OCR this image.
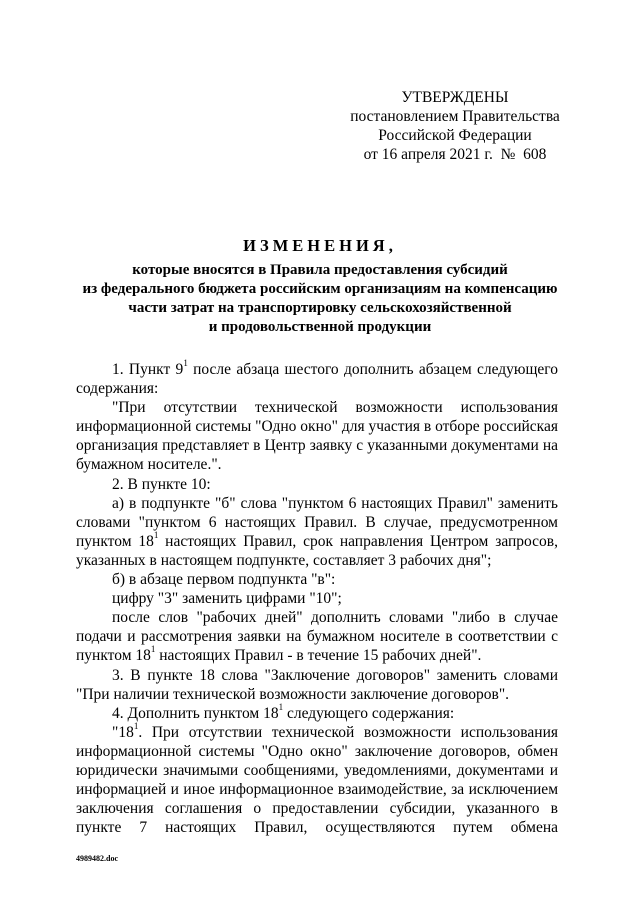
УТВЕРЖДЕНЫ
постановлением Правительства
Российской Федерации
от 16 апреля 2021 г.  №  608
ИЗМЕНЕНИЯ,
которые вносятся в Правила предоставления субсидий
из федерального бюджета российским организациям на компенсацию
части затрат на транспортировку сельскохозяйственной
и продовольственной продукции

1. Пункт $9^1$ после абзаца шестого дополнить абзацем следующего содержания:

"При отсутствии технической возможности использования информационной системы "Одно окно" для участия в отборе российская организация представляет в Центр заявку с указанными документами на бумажном носителе.".

2. В пункте 10:

а) в подпункте "б" слова "пунктом 6 настоящих Правил" заменить словами "пунктом 6 настоящих Правил. В случае, предусмотренном пунктом $18^1$ настоящих Правил, срок направления Центром запросов, указанных в настоящем подпункте, составляет 3 рабочих дня";

б) в абзаце первом подпункта "в":

цифру "3" заменить цифрами "10";

после слов "рабочих дней" дополнить словами "либо в случае подачи и рассмотрения заявки на бумажном носителе в соответствии с пунктом $18^1$ настоящих Правил - в течение 15 рабочих дней".

3. В пункте 18 слова "Заключение договоров" заменить словами "При наличии технической возможности заключение договоров".

4. Дополнить пунктом $18^1$ следующего содержания:

"$18^1$. При отсутствии технической возможности использования информационной системы "Одно окно" заключение договоров, обмен юридически значимыми сообщениями, уведомлениями, документами и информацией и иное информационное взаимодействие, за исключением заключения соглашения о предоставлении субсидии, указанного в пункте 7 настоящих Правил, осуществляются путем обмена

4989482.doc
